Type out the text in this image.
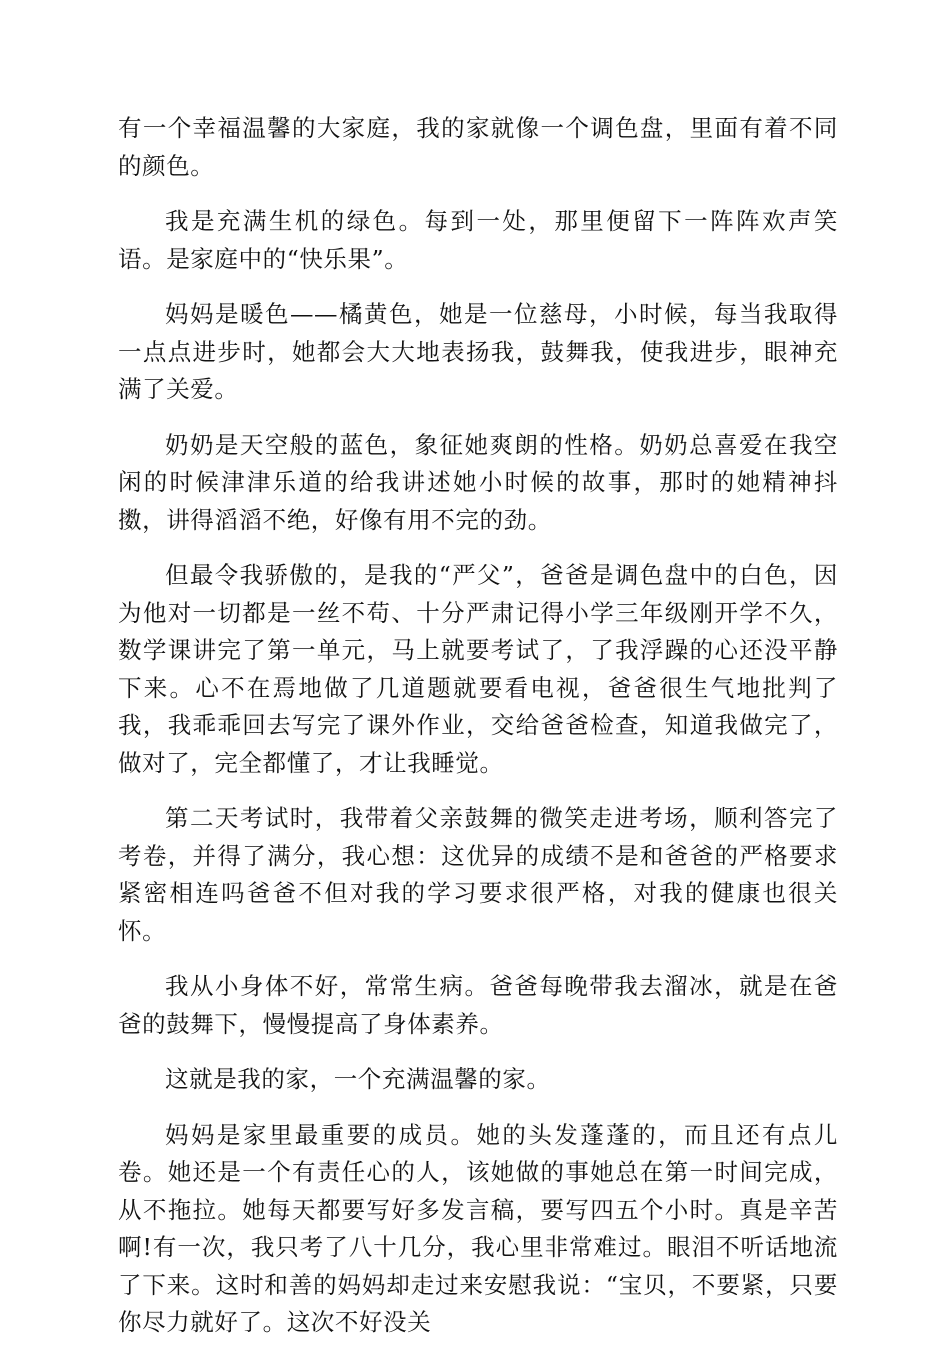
有一个幸福温馨的大家庭，我的家就像一个调色盘，里面有着不同的颜色。

我是充满生机的绿色。每到一处，那里便留下一阵阵欢声笑语。是家庭中的“快乐果”。

妈妈是暖色——橘黄色，她是一位慈母，小时候，每当我取得一点点进步时，她都会大大地表扬我，鼓舞我，使我进步，眼神充满了关爱。

奶奶是天空般的蓝色，象征她爽朗的性格。奶奶总喜爱在我空闲的时候津津乐道的给我讲述她小时候的故事，那时的她精神抖擞，讲得滔滔不绝，好像有用不完的劲。

但最令我骄傲的，是我的“严父”，爸爸是调色盘中的白色，因为他对一切都是一丝不苟、十分严肃记得小学三年级刚开学不久，数学课讲完了第一单元，马上就要考试了，了我浮躁的心还没平静下来。心不在焉地做了几道题就要看电视，爸爸很生气地批判了我，我乖乖回去写完了课外作业，交给爸爸检查，知道我做完了，做对了，完全都懂了，才让我睡觉。

第二天考试时，我带着父亲鼓舞的微笑走进考场，顺利答完了考卷，并得了满分，我心想：这优异的成绩不是和爸爸的严格要求紧密相连吗爸爸不但对我的学习要求很严格，对我的健康也很关怀。

我从小身体不好，常常生病。爸爸每晚带我去溜冰，就是在爸爸的鼓舞下，慢慢提高了身体素养。

这就是我的家，一个充满温馨的家。

妈妈是家里最重要的成员。她的头发蓬蓬的，而且还有点儿卷。她还是一个有责任心的人，该她做的事她总在第一时间完成，从不拖拉。她每天都要写好多发言稿，要写四五个小时。真是辛苦啊!有一次，我只考了八十几分，我心里非常难过。眼泪不听话地流了下来。这时和善的妈妈却走过来安慰我说：“宝贝，不要紧，只要你尽力就好了。这次不好没关
